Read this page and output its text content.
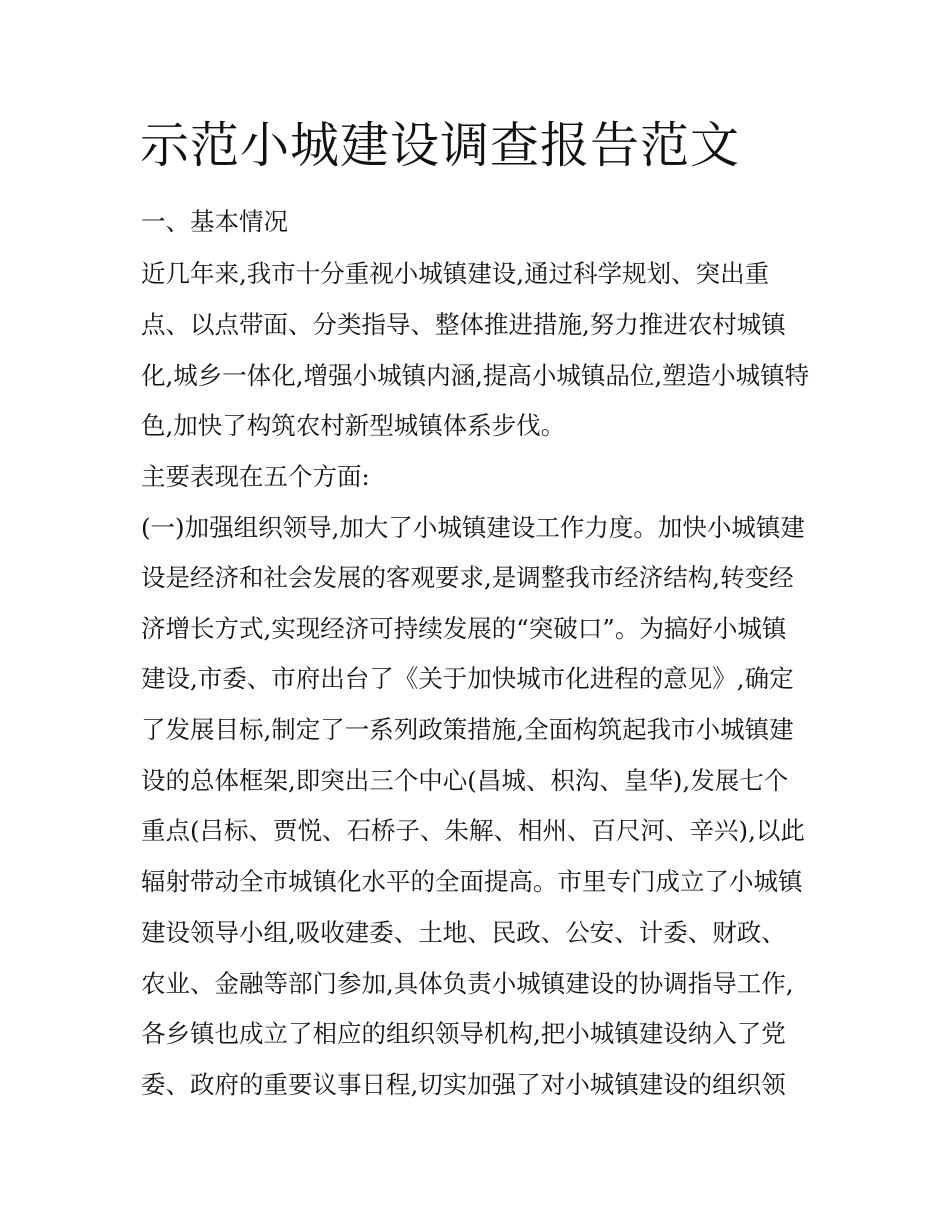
示范小城建设调查报告范文

一、基本情况

近几年来,我市十分重视小城镇建设,通过科学规划、突出重

点、以点带面、分类指导、整体推进措施,努力推进农村城镇

化,城乡一体化,增强小城镇内涵,提高小城镇品位,塑造小城镇特

色,加快了构筑农村新型城镇体系步伐。

主要表现在五个方面:

(一)加强组织领导,加大了小城镇建设工作力度。加快小城镇建

设是经济和社会发展的客观要求,是调整我市经济结构,转变经

济增长方式,实现经济可持续发展的“突破口”。为搞好小城镇

建设,市委、市府出台了《关于加快城市化进程的意见》,确定

了发展目标,制定了一系列政策措施,全面构筑起我市小城镇建

设的总体框架,即突出三个中心(昌城、枳沟、皇华),发展七个

重点(吕标、贾悦、石桥子、朱解、相州、百尺河、辛兴),以此

辐射带动全市城镇化水平的全面提高。市里专门成立了小城镇

建设领导小组,吸收建委、土地、民政、公安、计委、财政、

农业、金融等部门参加,具体负责小城镇建设的协调指导工作,

各乡镇也成立了相应的组织领导机构,把小城镇建设纳入了党

委、政府的重要议事日程,切实加强了对小城镇建设的组织领
